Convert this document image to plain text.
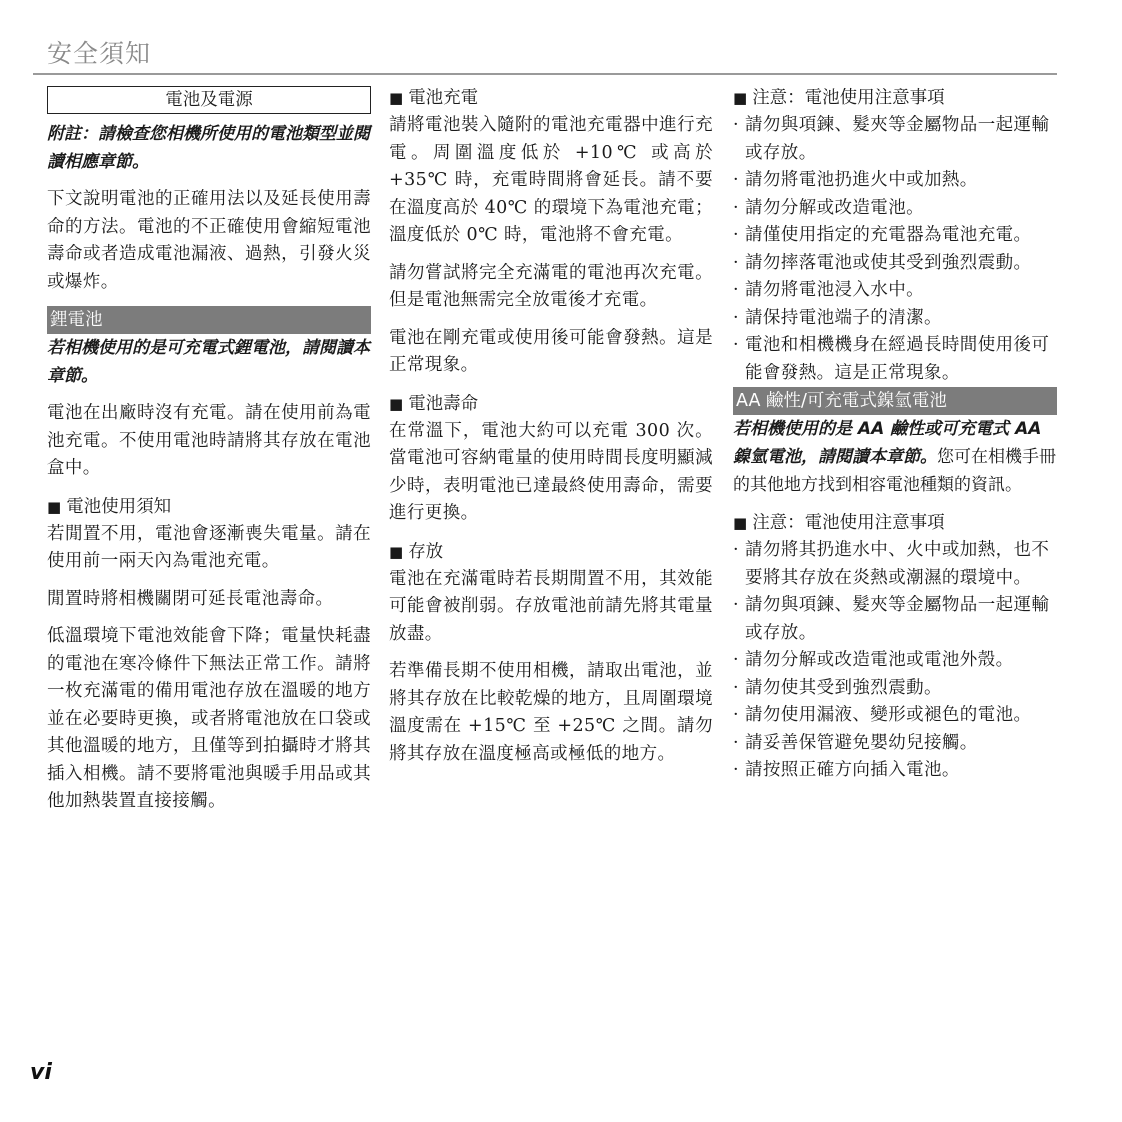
安全須知
電池及電源
附註：請檢查您相機所使用的電池類型並閱讀相應章節。

下文說明電池的正確用法以及延長使用壽命的方法。電池的不正確使用會縮短電池壽命或者造成電池漏液、過熱，引發火災或爆炸。

鋰電池
若相機使用的是可充電式鋰電池，請閱讀本章節。

電池在出廠時沒有充電。請在使用前為電池充電。不使用電池時請將其存放在電池盒中。

■ 電池使用須知

若閒置不用，電池會逐漸喪失電量。請在使用前一兩天內為電池充電。

閒置時將相機關閉可延長電池壽命。

低溫環境下電池效能會下降；電量快耗盡的電池在寒冷條件下無法正常工作。請將一枚充滿電的備用電池存放在溫暖的地方並在必要時更換，或者將電池放在口袋或其他溫暖的地方，且僅等到拍攝時才將其插入相機。請不要將電池與暖手用品或其他加熱裝置直接接觸。

■ 電池充電

請將電池裝入隨附的電池充電器中進行充電。周圍溫度低於 +10℃ 或高於 +35℃ 時，充電時間將會延長。請不要在溫度高於 40℃ 的環境下為電池充電；溫度低於 0℃ 時，電池將不會充電。

請勿嘗試將完全充滿電的電池再次充電。但是電池無需完全放電後才充電。

電池在剛充電或使用後可能會發熱。這是正常現象。

■ 電池壽命

在常溫下，電池大約可以充電 300 次。當電池可容納電量的使用時間長度明顯減少時，表明電池已達最終使用壽命，需要進行更換。

■ 存放

電池在充滿電時若長期閒置不用，其效能可能會被削弱。存放電池前請先將其電量放盡。

若準備長期不使用相機，請取出電池，並將其存放在比較乾燥的地方，且周圍環境溫度需在 +15℃ 至 +25℃ 之間。請勿將其存放在溫度極高或極低的地方。

■ 注意：電池使用注意事項
· 請勿與項鍊、髮夾等金屬物品一起運輸或存放。
· 請勿將電池扔進火中或加熱。
· 請勿分解或改造電池。
· 請僅使用指定的充電器為電池充電。
· 請勿摔落電池或使其受到強烈震動。
· 請勿將電池浸入水中。
· 請保持電池端子的清潔。
· 電池和相機機身在經過長時間使用後可能會發熱。這是正常現象。
AA 鹼性/可充電式鎳氫電池
若相機使用的是 AA 鹼性或可充電式 AA 鎳氫電池，請閱讀本章節。您可在相機手冊的其他地方找到相容電池種類的資訊。
■ 注意：電池使用注意事項
· 請勿將其扔進水中、火中或加熱，也不要將其存放在炎熱或潮濕的環境中。
· 請勿與項鍊、髮夾等金屬物品一起運輸或存放。
· 請勿分解或改造電池或電池外殼。
· 請勿使其受到強烈震動。
· 請勿使用漏液、變形或褪色的電池。
· 請妥善保管避免嬰幼兒接觸。
· 請按照正確方向插入電池。
vi
